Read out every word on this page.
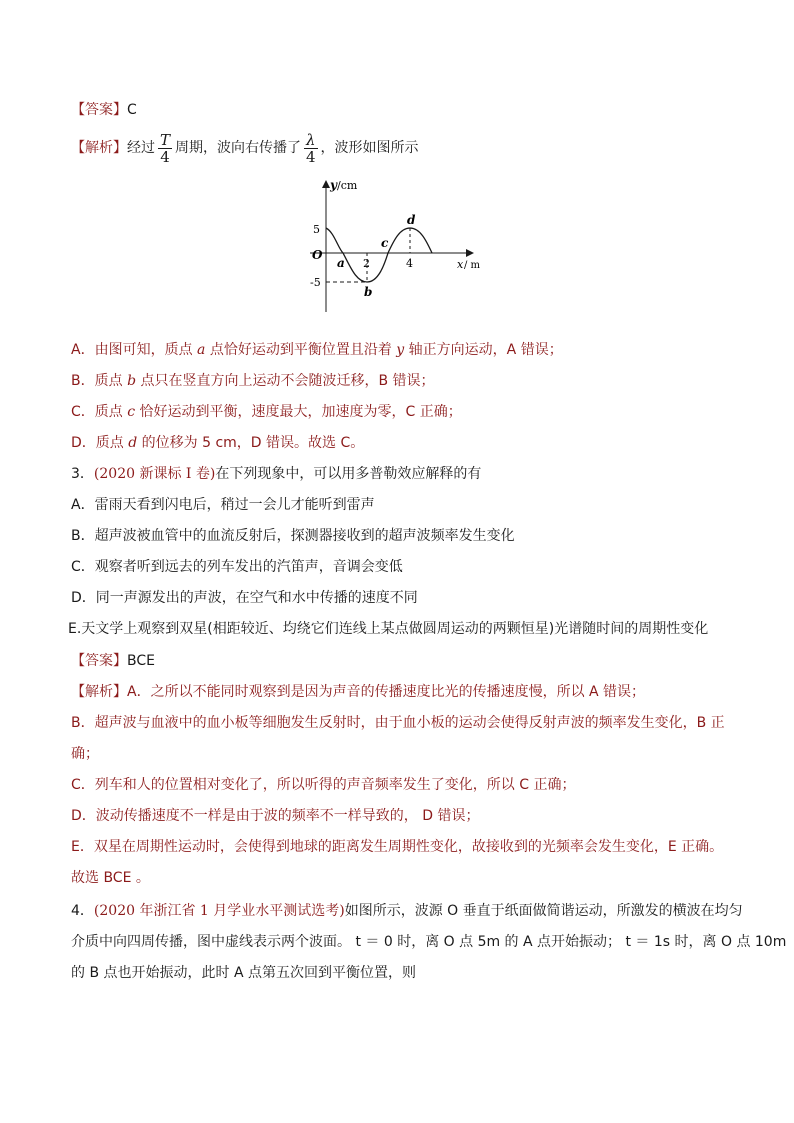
【答案】C
【解析】经过 $\frac{T}{4}$ 周期，波向右传播了 $\frac{\lambda}{4}$ ，波形如图所示
y /cm
x / m
O
5
-5
2	4
a
b
c
d
A．由图可知，质点 a 点恰好运动到平衡位置且沿着 y 轴正方向运动，A 错误；
B．质点 b 点只在竖直方向上运动不会随波迁移，B 错误；
C．质点 c 恰好运动到平衡，速度最大，加速度为零，C 正确；
D．质点 d 的位移为 5 cm，D 错误。故选 C。
3．(2020 新课标 Ⅰ 卷)在下列现象中，可以用多普勒效应解释的有
A．雷雨天看到闪电后，稍过一会儿才能听到雷声
B．超声波被血管中的血流反射后，探测器接收到的超声波频率发生变化
C．观察者听到远去的列车发出的汽笛声，音调会变低
D．同一声源发出的声波，在空气和水中传播的速度不同
E.天文学上观察到双星(相距较近、均绕它们连线上某点做圆周运动的两颗恒星)光谱随时间的周期性变化
【答案】BCE
【解析】A．之所以不能同时观察到是因为声音的传播速度比光的传播速度慢，所以 A 错误；
B．超声波与血液中的血小板等细胞发生反射时，由于血小板的运动会使得反射声波的频率发生变化，B 正
确；
C．列车和人的位置相对变化了，所以听得的声音频率发生了变化，所以 C 正确；
D．波动传播速度不一样是由于波的频率不一样导致的， D 错误；
E．双星在周期性运动时，会使得到地球的距离发生周期性变化，故接收到的光频率会发生变化，E 正确。
故选 BCE 。
4．(2020 年浙江省 1 月学业水平测试选考)如图所示，波源 O 垂直于纸面做简谐运动，所激发的横波在均匀
介质中向四周传播，图中虚线表示两个波面。 t ＝ 0 时，离 O 点 5m 的 A 点开始振动； t ＝ 1s 时，离 O 点 10m
的 B 点也开始振动，此时 A 点第五次回到平衡位置，则
